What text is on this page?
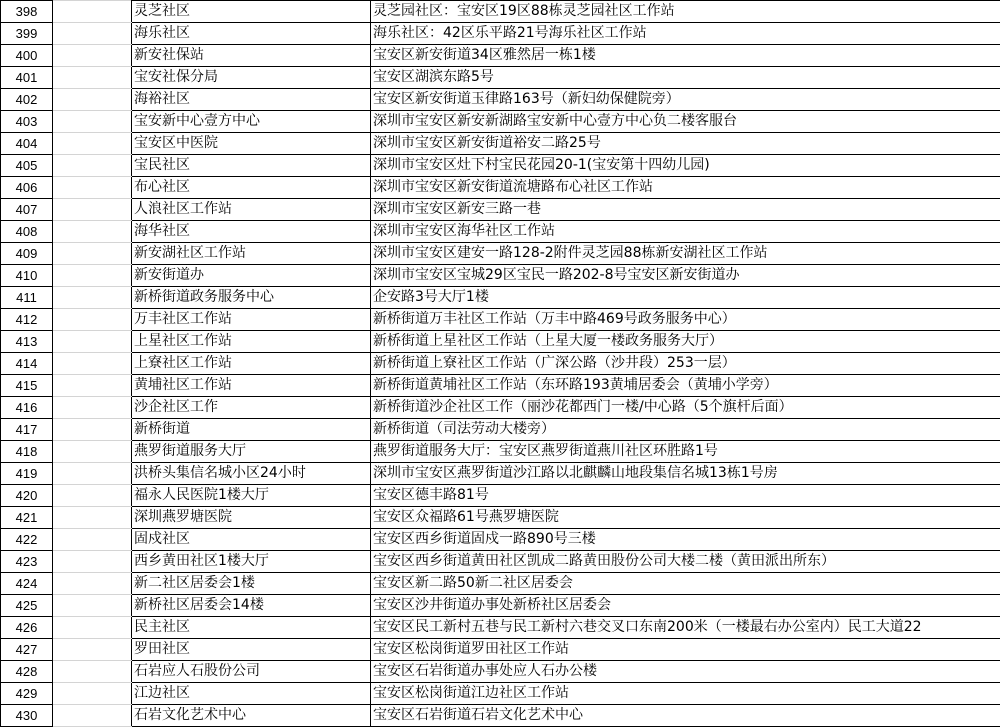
398		灵芝社区	灵芝园社区：宝安区19区88栋灵芝园社区工作站
399		海乐社区	海乐社区：42区乐平路21号海乐社区工作站
400		新安社保站	宝安区新安街道34区雅然居一栋1楼
401		宝安社保分局	宝安区湖滨东路5号
402		海裕社区	宝安区新安街道玉律路163号（新妇幼保健院旁）
403		宝安新中心壹方中心	深圳市宝安区新安新湖路宝安新中心壹方中心负二楼客服台
404		宝安区中医院	深圳市宝安区新安街道裕安二路25号
405		宝民社区	深圳市宝安区灶下村宝民花园20-1(宝安第十四幼儿园)
406		布心社区	深圳市宝安区新安街道流塘路布心社区工作站
407		人浪社区工作站	深圳市宝安区新安三路一巷
408		海华社区	深圳市宝安区海华社区工作站
409		新安湖社区工作站	深圳市宝安区建安一路128-2附件灵芝园88栋新安湖社区工作站
410		新安街道办	深圳市宝安区宝城29区宝民一路202-8号宝安区新安街道办
411		新桥街道政务服务中心	企安路3号大厅1楼
412		万丰社区工作站	新桥街道万丰社区工作站（万丰中路469号政务服务中心）
413		上星社区工作站	新桥街道上星社区工作站（上星大厦一楼政务服务大厅）
414		上寮社区工作站	新桥街道上寮社区工作站（广深公路（沙井段）253一层）
415		黄埔社区工作站	新桥街道黄埔社区工作站（东环路193黄埔居委会（黄埔小学旁）
416		沙企社区工作	新桥街道沙企社区工作（丽沙花都西门一楼/中心路（5个旗杆后面）
417		新桥街道	新桥街道（司法劳动大楼旁）
418		燕罗街道服务大厅	燕罗街道服务大厅：宝安区燕罗街道燕川社区环胜路1号
419		洪桥头集信名城小区24小时	深圳市宝安区燕罗街道沙江路以北麒麟山地段集信名城13栋1号房
420		福永人民医院1楼大厅	宝安区德丰路81号
421		深圳燕罗塘医院	宝安区众福路61号燕罗塘医院
422		固戍社区	宝安区西乡街道固戍一路890号三楼
423		西乡黄田社区1楼大厅	宝安区西乡街道黄田社区凯成二路黄田股份公司大楼二楼（黄田派出所东）
424		新二社区居委会1楼	宝安区新二路50新二社区居委会
425		新桥社区居委会14楼	宝安区沙井街道办事处新桥社区居委会
426		民主社区	宝安区民工新村五巷与民工新村六巷交叉口东南200米（一楼最右办公室内）民工大道22
427		罗田社区	宝安区松岗街道罗田社区工作站
428		石岩应人石股份公司	宝安区石岩街道办事处应人石办公楼
429		江边社区	宝安区松岗街道江边社区工作站
430		石岩文化艺术中心	宝安区石岩街道石岩文化艺术中心
